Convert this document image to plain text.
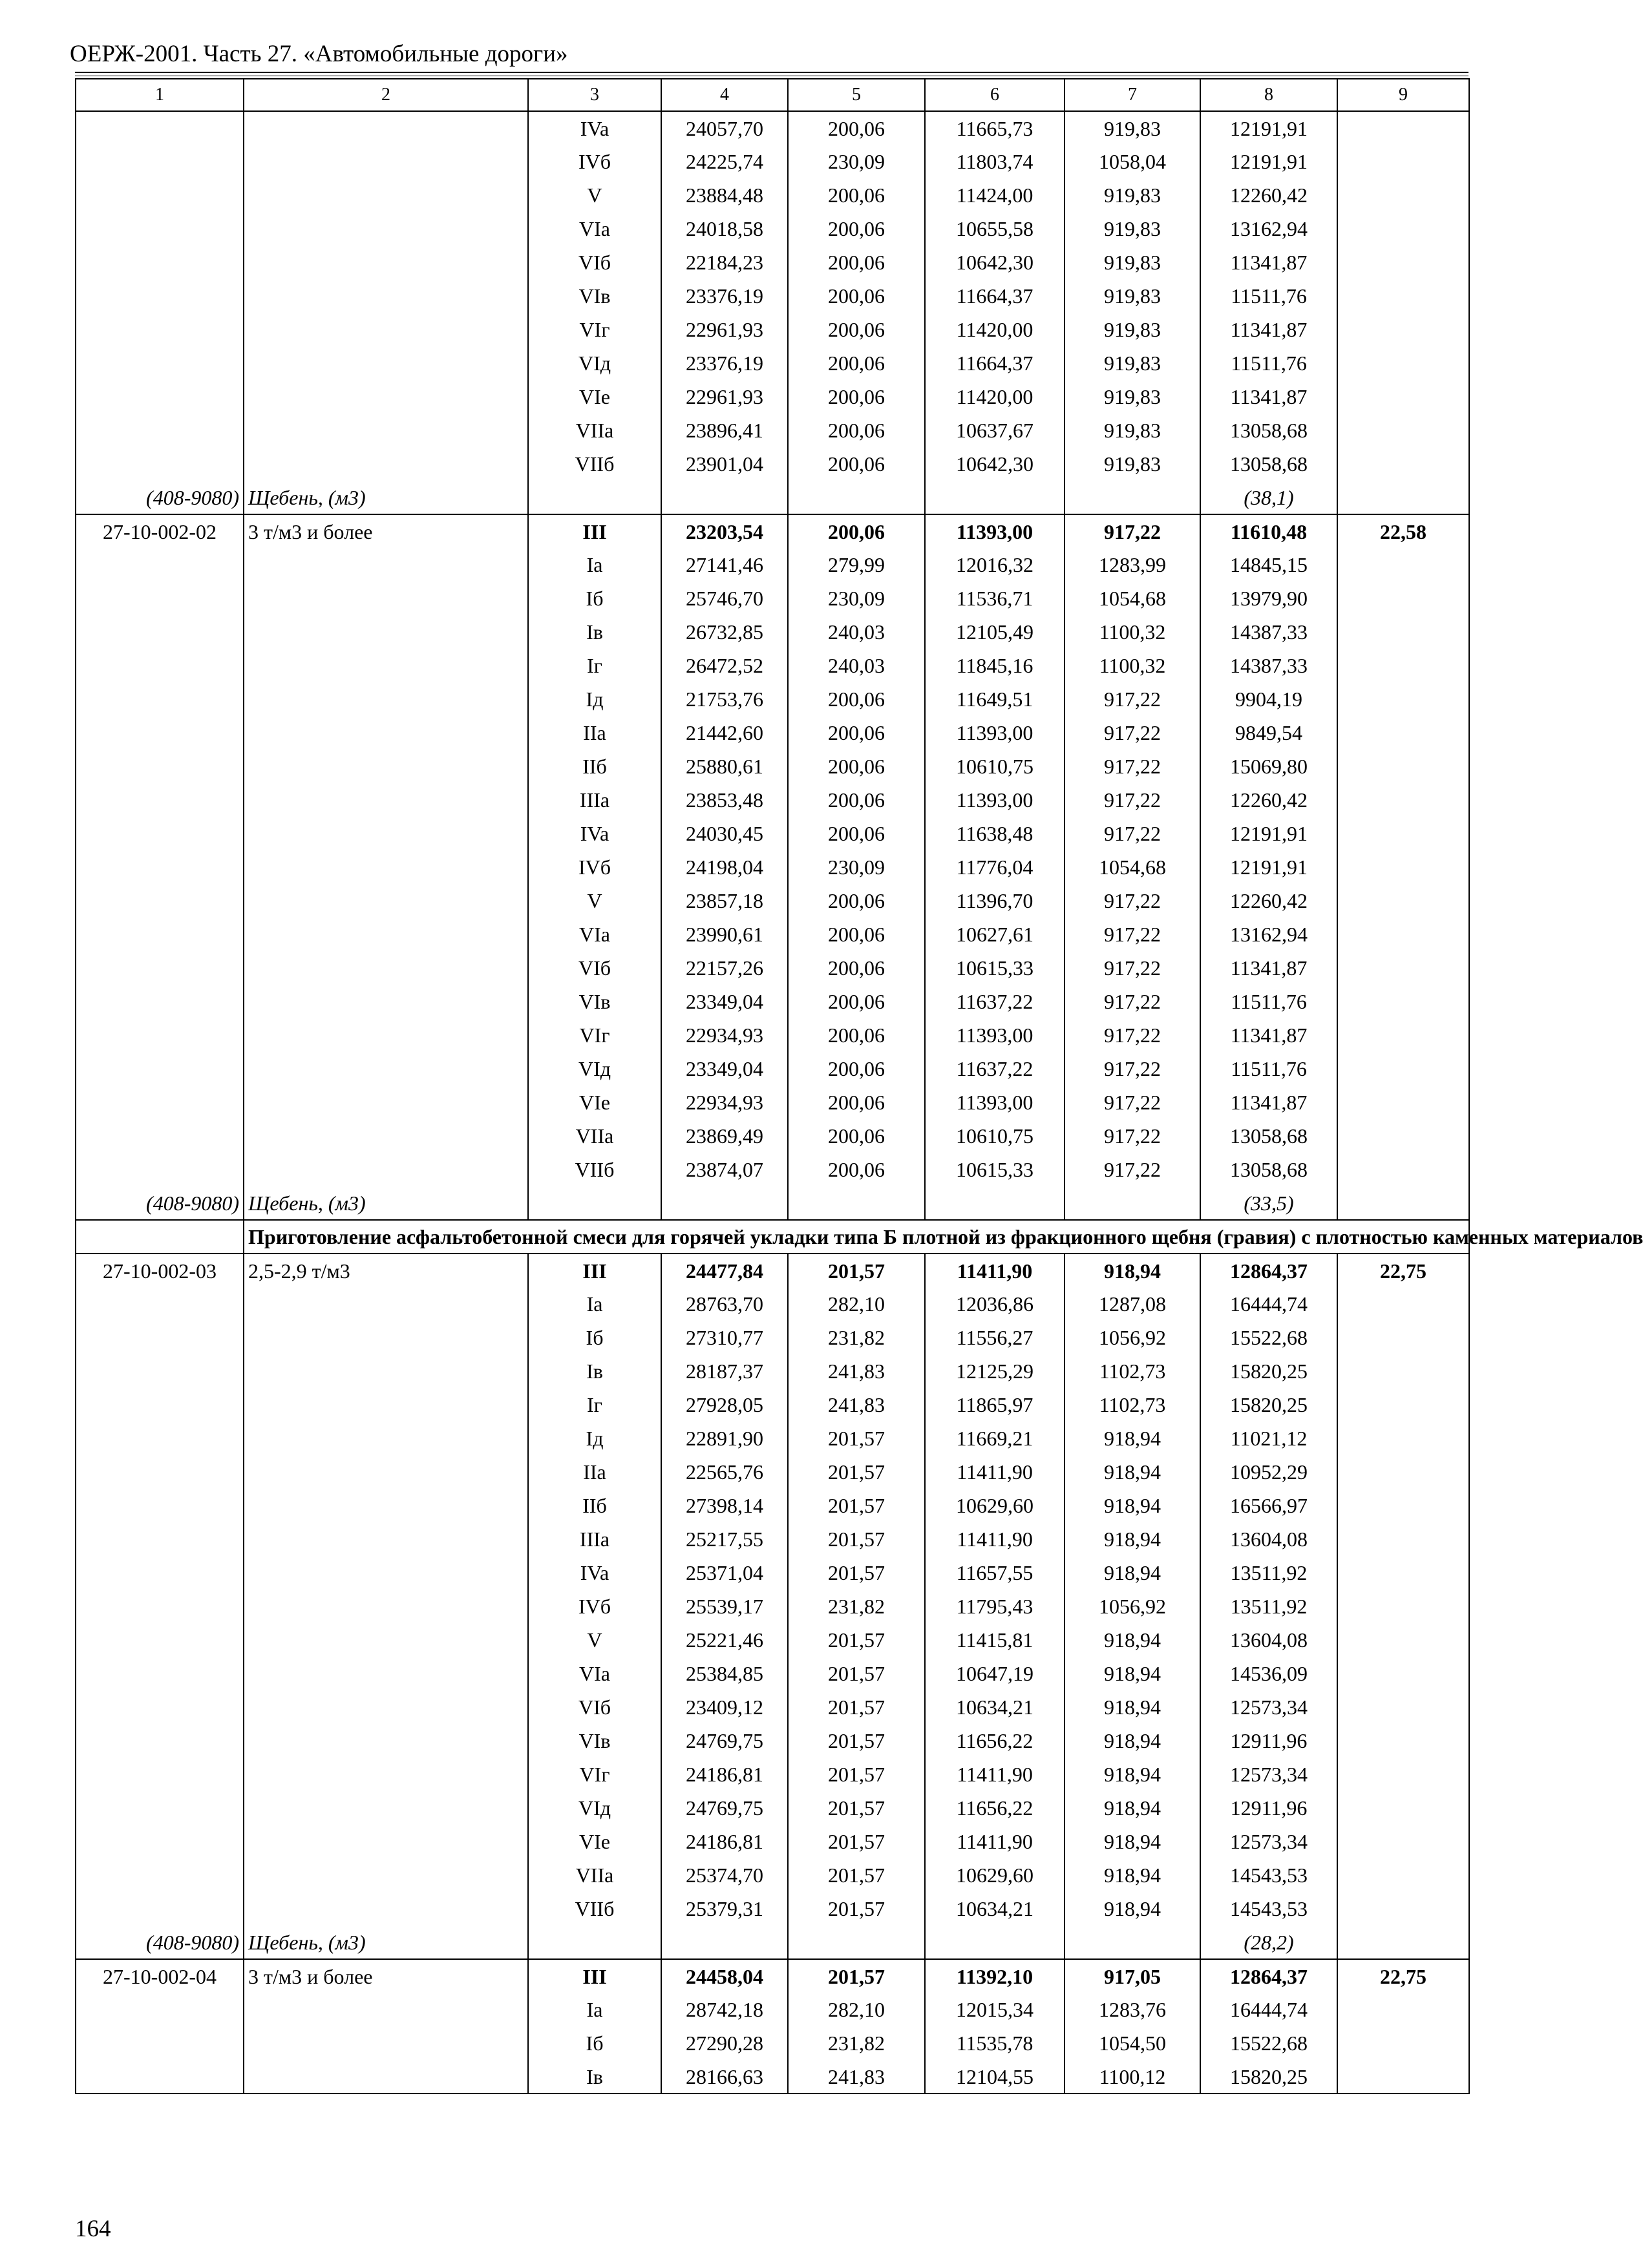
ОЕРЖ-2001. Часть 27. «Автомобильные дороги»
1	2	3	4	5	6	7	8	9
		IVa	24057,70	200,06	11665,73	919,83	12191,91	
		IVб	24225,74	230,09	11803,74	1058,04	12191,91	
		V	23884,48	200,06	11424,00	919,83	12260,42	
		VIa	24018,58	200,06	10655,58	919,83	13162,94	
		VIб	22184,23	200,06	10642,30	919,83	11341,87	
		VIв	23376,19	200,06	11664,37	919,83	11511,76	
		VIг	22961,93	200,06	11420,00	919,83	11341,87	
		VIд	23376,19	200,06	11664,37	919,83	11511,76	
		VIe	22961,93	200,06	11420,00	919,83	11341,87	
		VIIa	23896,41	200,06	10637,67	919,83	13058,68	
		VIIб	23901,04	200,06	10642,30	919,83	13058,68	
(408-9080)	Щебень, (м3)						(38,1)	
27-10-002-02	3 т/м3 и более	III	23203,54	200,06	11393,00	917,22	11610,48	22,58
		Ia	27141,46	279,99	12016,32	1283,99	14845,15	
		Iб	25746,70	230,09	11536,71	1054,68	13979,90	
		Iв	26732,85	240,03	12105,49	1100,32	14387,33	
		Iг	26472,52	240,03	11845,16	1100,32	14387,33	
		Iд	21753,76	200,06	11649,51	917,22	9904,19	
		IIa	21442,60	200,06	11393,00	917,22	9849,54	
		IIб	25880,61	200,06	10610,75	917,22	15069,80	
		IIIa	23853,48	200,06	11393,00	917,22	12260,42	
		IVa	24030,45	200,06	11638,48	917,22	12191,91	
		IVб	24198,04	230,09	11776,04	1054,68	12191,91	
		V	23857,18	200,06	11396,70	917,22	12260,42	
		VIa	23990,61	200,06	10627,61	917,22	13162,94	
		VIб	22157,26	200,06	10615,33	917,22	11341,87	
		VIв	23349,04	200,06	11637,22	917,22	11511,76	
		VIг	22934,93	200,06	11393,00	917,22	11341,87	
		VIд	23349,04	200,06	11637,22	917,22	11511,76	
		VIe	22934,93	200,06	11393,00	917,22	11341,87	
		VIIa	23869,49	200,06	10610,75	917,22	13058,68	
		VIIб	23874,07	200,06	10615,33	917,22	13058,68	
(408-9080)	Щебень, (м3)						(33,5)	
	Приготовление асфальтобетонной смеси для горячей укладки типа Б плотной из фракционного щебня (гравия) с плотностью каменных материалов							
27-10-002-03	2,5-2,9 т/м3	III	24477,84	201,57	11411,90	918,94	12864,37	22,75
		Ia	28763,70	282,10	12036,86	1287,08	16444,74	
		Iб	27310,77	231,82	11556,27	1056,92	15522,68	
		Iв	28187,37	241,83	12125,29	1102,73	15820,25	
		Iг	27928,05	241,83	11865,97	1102,73	15820,25	
		Iд	22891,90	201,57	11669,21	918,94	11021,12	
		IIa	22565,76	201,57	11411,90	918,94	10952,29	
		IIб	27398,14	201,57	10629,60	918,94	16566,97	
		IIIa	25217,55	201,57	11411,90	918,94	13604,08	
		IVa	25371,04	201,57	11657,55	918,94	13511,92	
		IVб	25539,17	231,82	11795,43	1056,92	13511,92	
		V	25221,46	201,57	11415,81	918,94	13604,08	
		VIa	25384,85	201,57	10647,19	918,94	14536,09	
		VIб	23409,12	201,57	10634,21	918,94	12573,34	
		VIв	24769,75	201,57	11656,22	918,94	12911,96	
		VIг	24186,81	201,57	11411,90	918,94	12573,34	
		VIд	24769,75	201,57	11656,22	918,94	12911,96	
		VIe	24186,81	201,57	11411,90	918,94	12573,34	
		VIIa	25374,70	201,57	10629,60	918,94	14543,53	
		VIIб	25379,31	201,57	10634,21	918,94	14543,53	
(408-9080)	Щебень, (м3)						(28,2)	
27-10-002-04	3 т/м3 и более	III	24458,04	201,57	11392,10	917,05	12864,37	22,75
		Ia	28742,18	282,10	12015,34	1283,76	16444,74	
		Iб	27290,28	231,82	11535,78	1054,50	15522,68	
		Iв	28166,63	241,83	12104,55	1100,12	15820,25	
164
